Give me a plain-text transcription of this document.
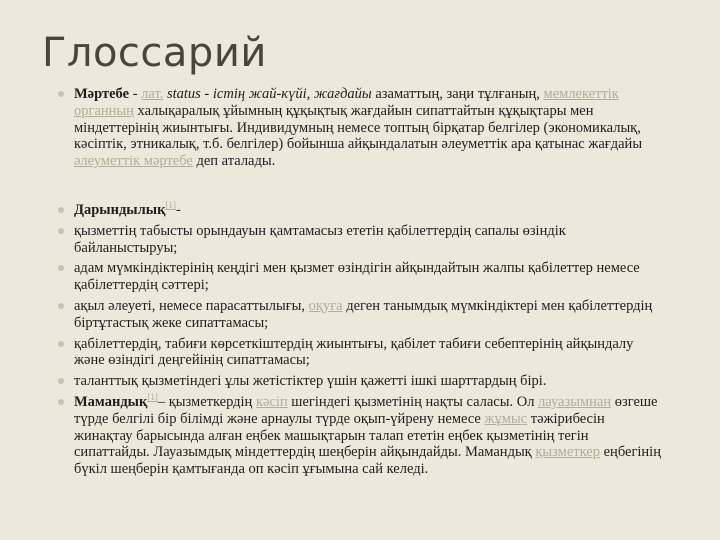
Глоссарий
Мәртебе - лат. status - істің жай-күйі, жағдайы азаматтың, заңи тұлғаның, мемлекеттік органның халықаралық ұйымның құқықтық жағдайын сипаттайтын құқықтары мен міндеттерінің жиынтығы. Индивидумның немесе топтың бірқатар белгілер (экономикалық, кәсіптік, этникалық, т.б. белгілер) бойынша айқындалатын әлеуметтік ара қатынас жағдайы әлеуметтік мәртебе деп аталады.
Дарындылық[1]-
қызметтің табысты орындауын қамтамасыз ететін қабілеттердің сапалы өзіндік байланыстыруы;
адам мүмкіндіктерінің кеңдігі мен қызмет өзіндігін айқындайтын жалпы қабілеттер немесе қабілеттердің сәттері;
ақыл әлеуеті, немесе парасаттылығы, оқуға деген танымдық мүмкіндіктері мен қабілеттердің біртұтастық жеке сипаттамасы;
қабілеттердің, табиғи көрсеткіштердің жиынтығы, қабілет табиғи себептерінің айқындалу және өзіндігі деңгейінің сипаттамасы;
таланттық қызметіндегі ұлы жетістіктер үшін қажетті ішкі шарттардың бірі.
Мамандық[1]– қызметкердің кәсіп шегіндегі қызметінің нақты саласы. Ол лауазымнан өзгеше түрде белгілі бір білімді және арнаулы түрде оқып-үйрену немесе жұмыс тәжірибесін жинақтау барысында алған еңбек машықтарын талап ететін еңбек қызметінің тегін сипаттайды. Лауазымдық міндеттердің шеңберін айқындайды. Мамандық қызметкер еңбегінің бүкіл шеңберін қамтығанда оп кәсіп ұғымына сай келеді.
